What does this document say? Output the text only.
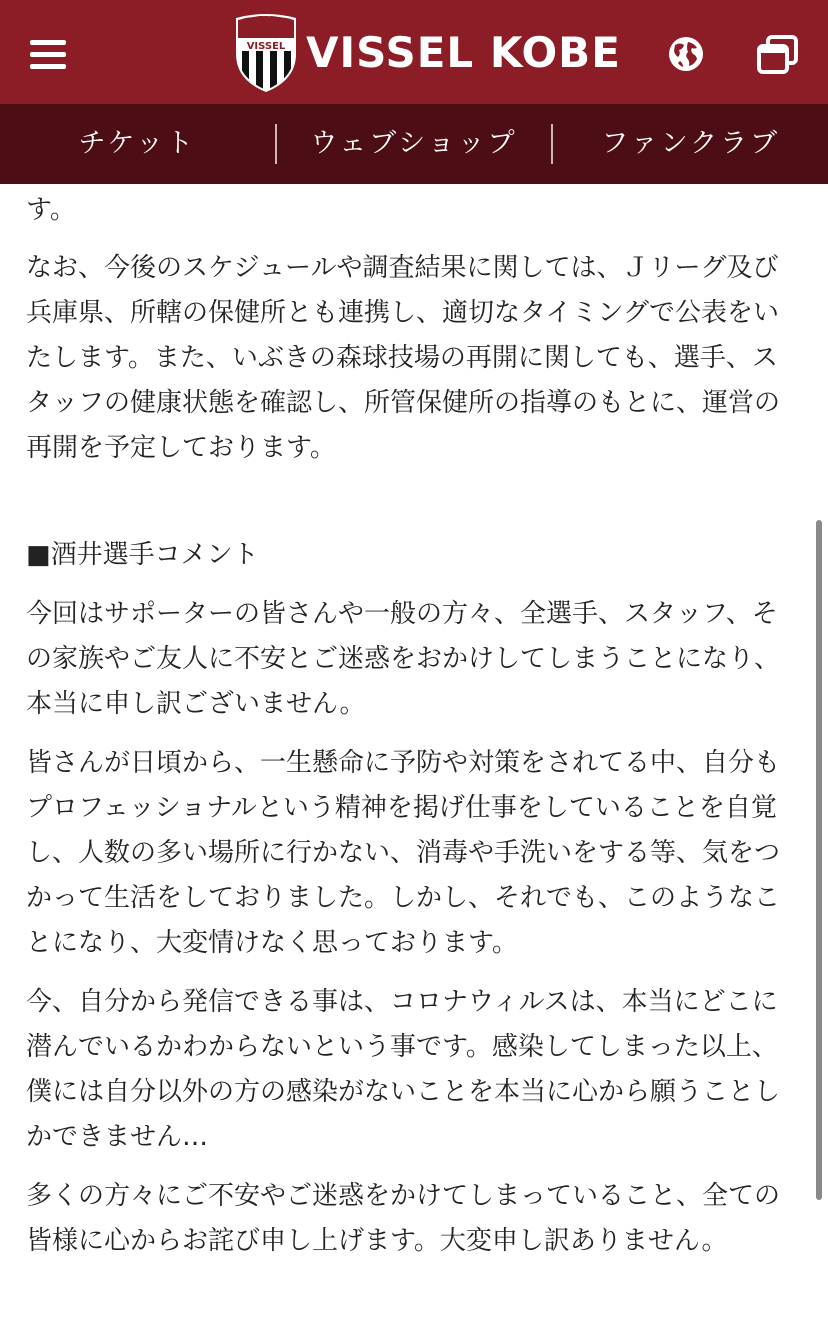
VISSEL VISSEL KOBE
チケット	ウェブショップ	ファンクラブ

す。

なお、今後のスケジュールや調査結果に関しては、Ｊリーグ及び兵庫県、所轄の保健所とも連携し、適切なタイミングで公表をいたします。また、いぶきの森球技場の再開に関しても、選手、スタッフの健康状態を確認し、所管保健所の指導のもとに、運営の再開を予定しております。

■酒井選手コメント

今回はサポーターの皆さんや一般の方々、全選手、スタッフ、その家族やご友人に不安とご迷惑をおかけしてしまうことになり、本当に申し訳ございません。

皆さんが日頃から、一生懸命に予防や対策をされてる中、自分もプロフェッショナルという精神を掲げ仕事をしていることを自覚し、人数の多い場所に行かない、消毒や手洗いをする等、気をつかって生活をしておりました。しかし、それでも、このようなことになり、大変情けなく思っております。

今、自分から発信できる事は、コロナウィルスは、本当にどこに潜んでいるかわからないという事です。感染してしまった以上、僕には自分以外の方の感染がないことを本当に心から願うことしかできません…

多くの方々にご不安やご迷惑をかけてしまっていること、全ての皆様に心からお詫び申し上げます。大変申し訳ありません。
